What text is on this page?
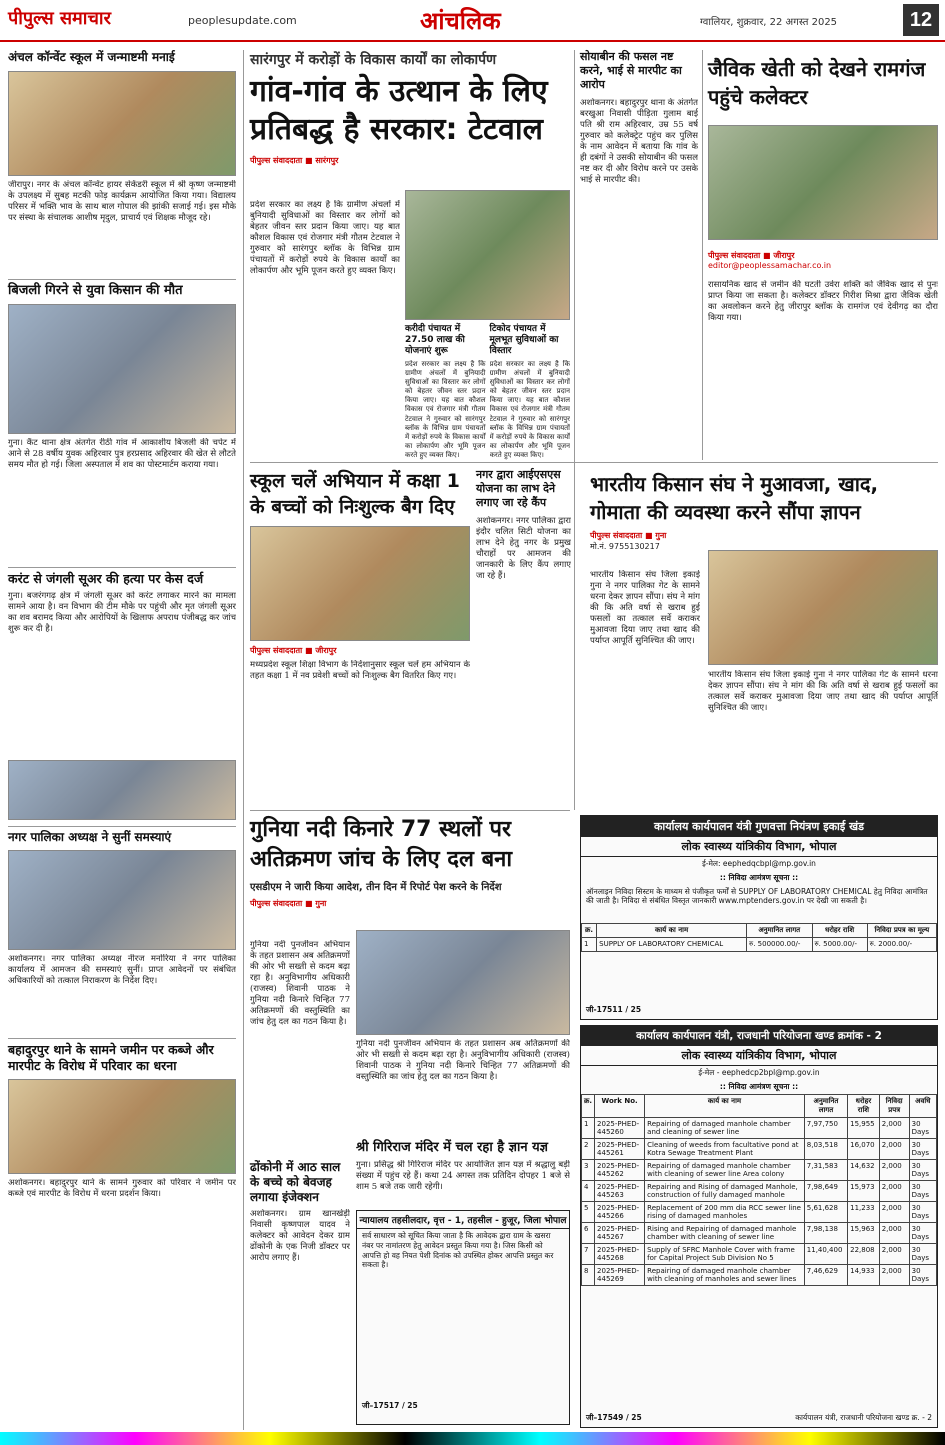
पीपुल्स समाचार	peoplesupdate.com	आंचलिक	ग्वालियर, शुक्रवार, 22 अगस्त 2025	12
अंचल कॉन्वेंट स्कूल में जन्माष्टमी मनाई
जीरापुर। नगर के अंचल कॉन्वेंट हायर सेकेंडरी स्कूल में श्री कृष्ण जन्माष्टमी के उपलक्ष्य में सुबह मटकी फोड़ कार्यक्रम आयोजित किया गया। विद्यालय परिसर में भक्ति भाव के साथ बाल गोपाल की झांकी सजाई गई। इस मौके पर संस्था के संचालक आशीष मृदुल, प्राचार्य एवं शिक्षक मौजूद रहे।
बिजली गिरने से युवा किसान की मौत
गुना। कैंट थाना क्षेत्र अंतर्गत रीठी गांव में आकाशीय बिजली की चपेट में आने से 28 वर्षीय युवक अहिरवार पुत्र हरप्रसाद अहिरवार की खेत से लौटते समय मौत हो गई। जिला अस्पताल में शव का पोस्टमार्टम कराया गया।
करंट से जंगली सूअर की हत्या पर केस दर्ज
गुना। बजरंगगढ़ क्षेत्र में जंगली सूअर को करंट लगाकर मारने का मामला सामने आया है। वन विभाग की टीम मौके पर पहुंची और मृत जंगली सूअर का शव बरामद किया और आरोपियों के खिलाफ अपराध पंजीबद्ध कर जांच शुरू कर दी है।
नगर पालिका अध्यक्ष ने सुनीं समस्याएं
अशोकनगर। नगर पालिका अध्यक्ष नीरज मनोरिया ने नगर पालिका कार्यालय में आमजन की समस्याएं सुनीं। प्राप्त आवेदनों पर संबंधित अधिकारियों को तत्काल निराकरण के निर्देश दिए।
बहादुरपुर थाने के सामने जमीन पर कब्जे और मारपीट के विरोध में परिवार का धरना
अशोकनगर। बहादुरपुर थाने के सामने गुरुवार को परिवार ने जमीन पर कब्जे एवं मारपीट के विरोध में धरना प्रदर्शन किया।
सारंगपुर में करोड़ों के विकास कार्यों का लोकार्पण
गांव-गांव के उत्थान के लिए प्रतिबद्ध है सरकार: टेटवाल
पीपुल्स संवाददाता ■ सारंगपुर
प्रदेश सरकार का लक्ष्य है कि ग्रामीण अंचलों में बुनियादी सुविधाओं का विस्तार कर लोगों को बेहतर जीवन स्तर प्रदान किया जाए। यह बात कौशल विकास एवं रोजगार मंत्री गौतम टेटवाल ने गुरुवार को सारंगपुर ब्लॉक के विभिन्न ग्राम पंचायतों में करोड़ों रुपये के विकास कार्यों का लोकार्पण और भूमि पूजन करते हुए व्यक्त किए।
करीदी पंचायत में 27.50 लाख की योजनाएं शुरू
प्रदेश सरकार का लक्ष्य है कि ग्रामीण अंचलों में बुनियादी सुविधाओं का विस्तार कर लोगों को बेहतर जीवन स्तर प्रदान किया जाए। यह बात कौशल विकास एवं रोजगार मंत्री गौतम टेटवाल ने गुरुवार को सारंगपुर ब्लॉक के विभिन्न ग्राम पंचायतों में करोड़ों रुपये के विकास कार्यों का लोकार्पण और भूमि पूजन करते हुए व्यक्त किए।
टिकोद पंचायत में मूलभूत सुविधाओं का विस्तार
प्रदेश सरकार का लक्ष्य है कि ग्रामीण अंचलों में बुनियादी सुविधाओं का विस्तार कर लोगों को बेहतर जीवन स्तर प्रदान किया जाए। यह बात कौशल विकास एवं रोजगार मंत्री गौतम टेटवाल ने गुरुवार को सारंगपुर ब्लॉक के विभिन्न ग्राम पंचायतों में करोड़ों रुपये के विकास कार्यों का लोकार्पण और भूमि पूजन करते हुए व्यक्त किए।
स्कूल चलें अभियान में कक्षा 1 के बच्चों को निःशुल्क बैग दिए
पीपुल्स संवाददाता ■ जीरापुर
मध्यप्रदेश स्कूल शिक्षा विभाग के निर्देशानुसार स्कूल चलें हम अभियान के तहत कक्षा 1 में नव प्रवेशी बच्चों को निःशुल्क बैग वितरित किए गए।
नगर द्वारा आईएसएस योजना का लाभ देने लगाए जा रहे कैंप
अशोकनगर। नगर पालिका द्वारा इंदौर चलित सिटी योजना का लाभ देने हेतु नगर के प्रमुख चौराहों पर आमजन की जानकारी के लिए कैंप लगाए जा रहे हैं।
गुनिया नदी किनारे 77 स्थलों पर अतिक्रमण जांच के लिए दल बना
एसडीएम ने जारी किया आदेश, तीन दिन में रिपोर्ट पेश करने के निर्देश
पीपुल्स संवाददाता ■ गुना
गुनिया नदी पुनर्जीवन अभियान के तहत प्रशासन अब अतिक्रमणों की ओर भी सख्ती से कदम बढ़ा रहा है। अनुविभागीय अधिकारी (राजस्व) शिवानी पाठक ने गुनिया नदी किनारे चिन्हित 77 अतिक्रमणों की वस्तुस्थिति का जांच हेतु दल का गठन किया है।
गुनिया नदी पुनर्जीवन अभियान के तहत प्रशासन अब अतिक्रमणों की ओर भी सख्ती से कदम बढ़ा रहा है। अनुविभागीय अधिकारी (राजस्व) शिवानी पाठक ने गुनिया नदी किनारे चिन्हित 77 अतिक्रमणों की वस्तुस्थिति का जांच हेतु दल का गठन किया है।
ढोंकोनी में आठ साल के बच्चे को बेवजह लगाया इंजेक्शन
अशोकनगर। ग्राम खानखेड़ी निवासी कृष्णपाल यादव ने कलेक्टर को आवेदन देकर ग्राम ढोंकोनी के एक निजी डॉक्टर पर आरोप लगाए हैं।
श्री गिरिराज मंदिर में चल रहा है ज्ञान यज्ञ
गुना। प्रसिद्ध श्री गिरिराज मंदिर पर आयोजित ज्ञान यज्ञ में श्रद्धालु बड़ी संख्या में पहुंच रहे हैं। कथा 24 अगस्त तक प्रतिदिन दोपहर 1 बजे से शाम 5 बजे तक जारी रहेगी।
न्यायालय तहसीलदार, वृत्त - 1, तहसील - हुजूर, जिला भोपाल
सर्व साधारण को सूचित किया जाता है कि आवेदक द्वारा ग्राम के खसरा नंबर पर नामांतरण हेतु आवेदन प्रस्तुत किया गया है। जिस किसी को आपत्ति हो वह नियत पेशी दिनांक को उपस्थित होकर आपत्ति प्रस्तुत कर सकता है।
जी–17517 / 25
सोयाबीन की फसल नष्ट करने, भाई से मारपीट का आरोप
अशोकनगर। बहादुरपुर थाना के अंतर्गत बरखुआ निवासी पीड़िता गुलाम बाई पति श्री राम अहिरवार, उम्र 55 वर्ष गुरुवार को कलेक्ट्रेट पहुंच कर पुलिस के नाम आवेदन में बताया कि गांव के ही दबंगों ने उसकी सोयाबीन की फसल नष्ट कर दी और विरोध करने पर उसके भाई से मारपीट की।
जैविक खेती को देखने रामगंज पहुंचे कलेक्टर
पीपुल्स संवाददाता ■ जीरापुर
editor@peoplessamachar.co.in
रासायनिक खाद से जमीन की घटती उर्वरा शक्ति को जैविक खाद से पुनः प्राप्त किया जा सकता है। कलेक्टर डॉक्टर गिरीश मिश्रा द्वारा जैविक खेती का अवलोकन करने हेतु जीरापुर ब्लॉक के रामगंज एवं देवीगढ़ का दौरा किया गया।
भारतीय किसान संघ ने मुआवजा, खाद, गोमाता की व्यवस्था करने सौंपा ज्ञापन
पीपुल्स संवाददाता ■ गुना
मो.नं. 9755130217
भारतीय किसान संघ जिला इकाई गुना ने नगर पालिका गेट के सामने धरना देकर ज्ञापन सौंपा। संघ ने मांग की कि अति वर्षा से खराब हुई फसलों का तत्काल सर्वे कराकर मुआवजा दिया जाए तथा खाद की पर्याप्त आपूर्ति सुनिश्चित की जाए।
भारतीय किसान संघ जिला इकाई गुना ने नगर पालिका गेट के सामने धरना देकर ज्ञापन सौंपा। संघ ने मांग की कि अति वर्षा से खराब हुई फसलों का तत्काल सर्वे कराकर मुआवजा दिया जाए तथा खाद की पर्याप्त आपूर्ति सुनिश्चित की जाए।
कार्यालय कार्यपालन यंत्री गुणवत्ता नियंत्रण इकाई खंड
लोक स्वास्थ्य यांत्रिकीय विभाग, भोपाल
ई-मेल: eephedqcbpl@mp.gov.in
:: निविदा आमंत्रण सूचना ::
ऑनलाइन निविदा सिस्टम के माध्यम से पंजीकृत फर्मों से SUPPLY OF LABORATORY CHEMICAL हेतु निविदा आमंत्रित की जाती है। निविदा से संबंधित विस्तृत जानकारी www.mptenders.gov.in पर देखी जा सकती है।
क्र.	कार्य का नाम	अनुमानित लागत	धरोहर राशि	निविदा प्रपत्र का मूल्य
1	SUPPLY OF LABORATORY CHEMICAL	रु. 500000.00/-	रु. 5000.00/-	रु. 2000.00/-
जी-17511 / 25
कार्यालय कार्यपालन यंत्री, राजधानी परियोजना खण्ड क्रमांक - 2
लोक स्वास्थ्य यांत्रिकीय विभाग, भोपाल
ई-मेल - eephedcp2bpl@mp.gov.in
:: निविदा आमंत्रण सूचना ::
क्र.	Work No.	कार्य का नाम	अनुमानित लागत	धरोहर राशि	निविदा प्रपत्र	अवधि
1	2025-PHED-445260	Repairing of damaged manhole chamber and cleaning of sewer line	7,97,750	15,955	2,000	30 Days
2	2025-PHED-445261	Cleaning of weeds from facultative pond at Kotra Sewage Treatment Plant	8,03,518	16,070	2,000	30 Days
3	2025-PHED-445262	Repairing of damaged manhole chamber with cleaning of sewer line Area colony	7,31,583	14,632	2,000	30 Days
4	2025-PHED-445263	Repairing and Rising of damaged Manhole, construction of fully damaged manhole	7,98,649	15,973	2,000	30 Days
5	2025-PHED-445266	Replacement of 200 mm dia RCC sewer line rising of damaged manholes	5,61,628	11,233	2,000	30 Days
6	2025-PHED-445267	Rising and Repairing of damaged manhole chamber with cleaning of sewer line	7,98,138	15,963	2,000	30 Days
7	2025-PHED-445268	Supply of SFRC Manhole Cover with frame for Capital Project Sub Division No 5	11,40,400	22,808	2,000	30 Days
8	2025-PHED-445269	Repairing of damaged manhole chamber with cleaning of manholes and sewer lines	7,46,629	14,933	2,000	30 Days
जी–17549 / 25	कार्यपालन यंत्री, राजधानी परियोजना खण्ड क्र. - 2
